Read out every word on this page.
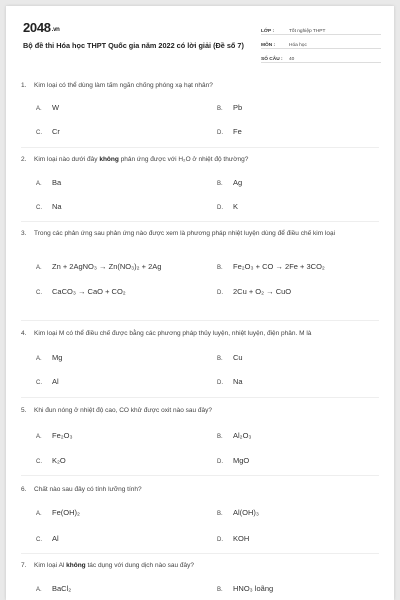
2048.vn
Bộ đề thi Hóa học THPT Quốc gia năm 2022 có lời giải (Đề số 7)
LỚP :	Tốt nghiệp THPT
MÔN :	Hóa học
SỐ CÂU :	40
1.	Kim loại có thể dùng làm tấm ngăn chống phóng xạ hạt nhân?
A.	W	B.	Pb
C.	Cr	D.	Fe
2.	Kim loại nào dưới đây không phản ứng được với H₂O ở nhiệt độ thường?
A.	Ba	B.	Ag
C.	Na	D.	K
3.	Trong các phản ứng sau phản ứng nào được xem là phương pháp nhiệt luyện dùng để điều chế kim loại
A.	Zn + 2AgNO₃ → Zn(NO₃)₂ + 2Ag	B.	Fe₂O₃ + CO → 2Fe + 3CO₂
C.	CaCO₃ → CaO + CO₂	D.	2Cu + O₂ → CuO
4.	Kim loại M có thể điều chế được bằng các phương pháp thủy luyện, nhiệt luyện, điện phân. M là
A.	Mg	B.	Cu
C.	Al	D.	Na
5.	Khi đun nóng ở nhiệt độ cao, CO khử được oxit nào sau đây?
A.	Fe₂O₃	B.	Al₂O₃
C.	K₂O	D.	MgO
6.	Chất nào sau đây có tính lưỡng tính?
A.	Fe(OH)₂	B.	Al(OH)₃
C.	Al	D.	KOH
7.	Kim loại Al không tác dụng với dung dịch nào sau đây?
A.	BaCl₂	B.	HNO₃ loãng
